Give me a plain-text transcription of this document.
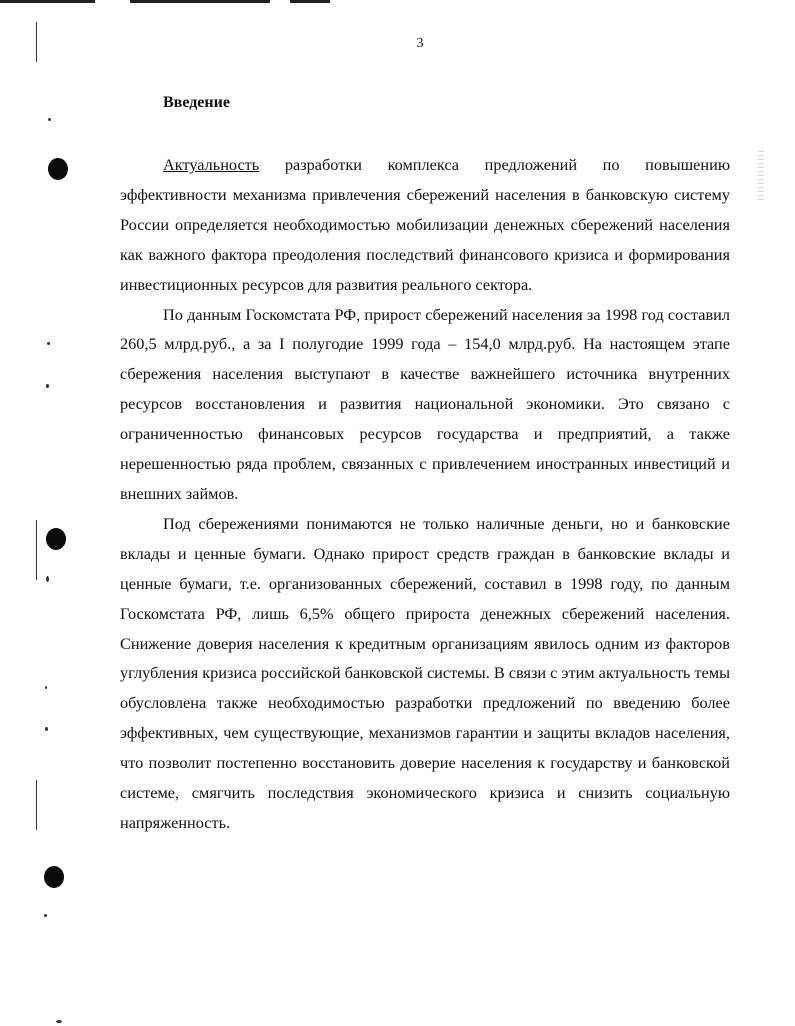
3
Введение

Актуальность разработки комплекса предложений по повышению эффективности механизма привлечения сбережений населения в банковскую систему России определяется необходимостью мобилизации денежных сбережений населения как важного фактора преодоления последствий финансового кризиса и формирования инвестиционных ресурсов для развития реального сектора.

По данным Госкомстата РФ, прирост сбережений населения за 1998 год составил 260,5 млрд.руб., а за I полугодие 1999 года – 154,0 млрд.руб. На настоящем этапе сбережения населения выступают в качестве важнейшего источника внутренних ресурсов восстановления и развития национальной экономики. Это связано с ограниченностью финансовых ресурсов государства и предприятий, а также нерешенностью ряда проблем, связанных с привлечением иностранных инвестиций и внешних займов.

Под сбережениями понимаются не только наличные деньги, но и банковские вклады и ценные бумаги. Однако прирост средств граждан в банковские вклады и ценные бумаги, т.е. организованных сбережений, составил в 1998 году, по данным Госкомстата РФ, лишь 6,5% общего прироста денежных сбережений населения. Снижение доверия населения к кредитным организациям явилось одним из факторов углубления кризиса российской банковской системы. В связи с этим актуальность темы обусловлена также необходимостью разработки предложений по введению более эффективных, чем существующие, механизмов гарантии и защиты вкладов населения, что позволит постепенно восстановить доверие населения к государству и банковской системе, смягчить последствия экономического кризиса и снизить социальную напряженность.
